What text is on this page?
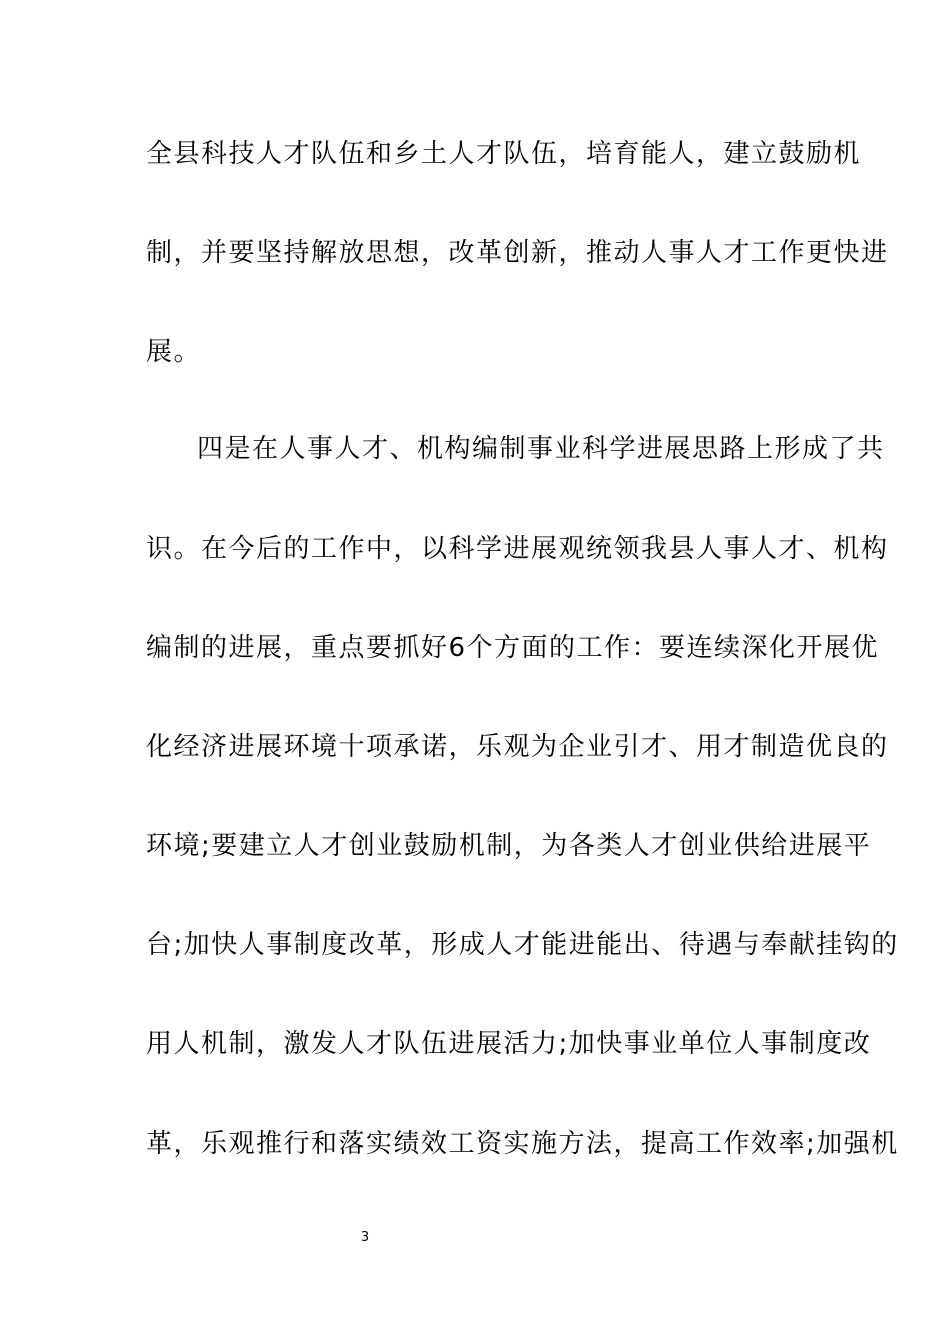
全县科技人才队伍和乡土人才队伍，培育能人，建立鼓励机
制，并要坚持解放思想，改革创新，推动人事人才工作更快进
展。
四是在人事人才、机构编制事业科学进展思路上形成了共
识。在今后的工作中，以科学进展观统领我县人事人才、机构
编制的进展，重点要抓好6个方面的工作：要连续深化开展优
化经济进展环境十项承诺，乐观为企业引才、用才制造优良的
环境;要建立人才创业鼓励机制，为各类人才创业供给进展平
台;加快人事制度改革，形成人才能进能出、待遇与奉献挂钩的
用人机制，激发人才队伍进展活力;加快事业单位人事制度改
革，乐观推行和落实绩效工资实施方法，提高工作效率;加强机
3
